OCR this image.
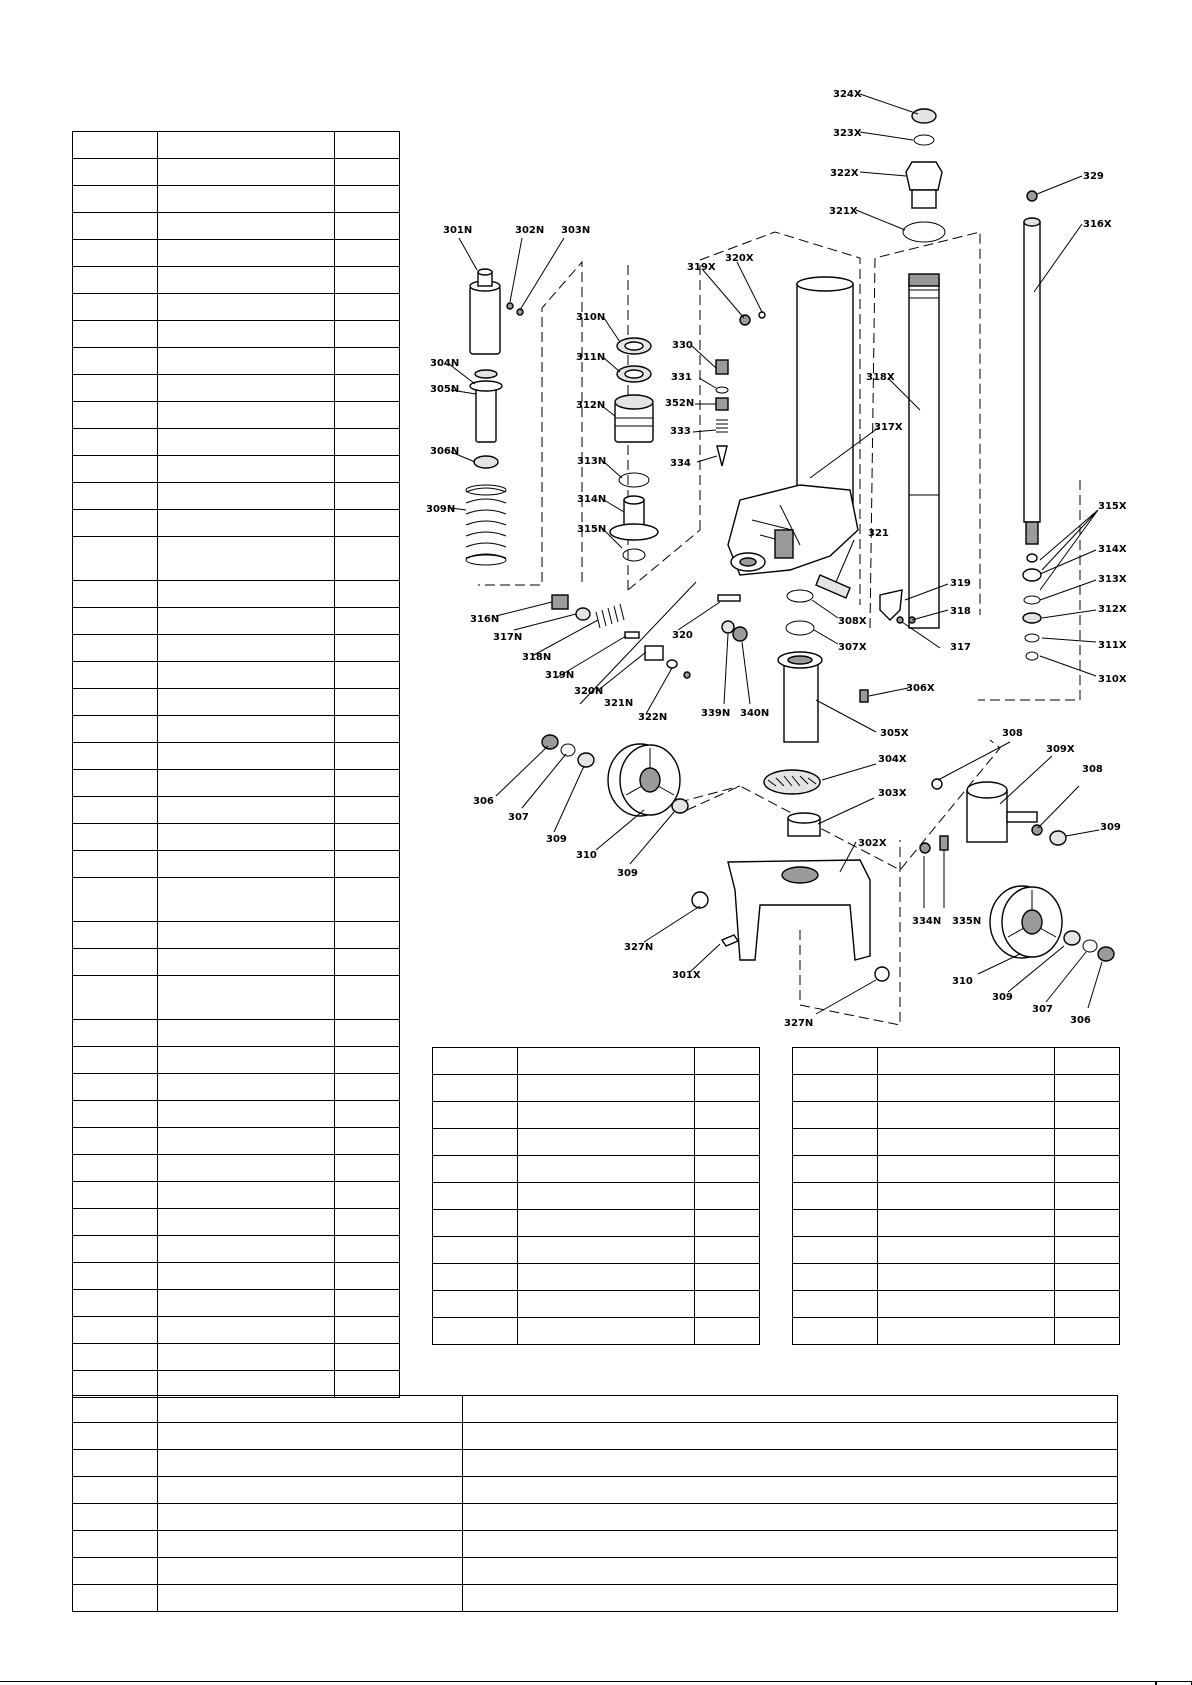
324X
323X
322X
321X
329
316X
301N	302N 303N
319X
320X
310N
330
311N
331
304N
352N
318X
305N
312N
333	317X
306N
313N	334
309N
314N
315X
315N
314X
321
313X
319
312X
316N
318
308X
317N	320
307X	317	311X
318N
310X
319N
306X
320N
321N
339N 340N
322N
305X	308
309X
308
304X
306
307
303X
309
309
310
309
302X
334N 335N
327N
301X
310
309
307
306
327N
